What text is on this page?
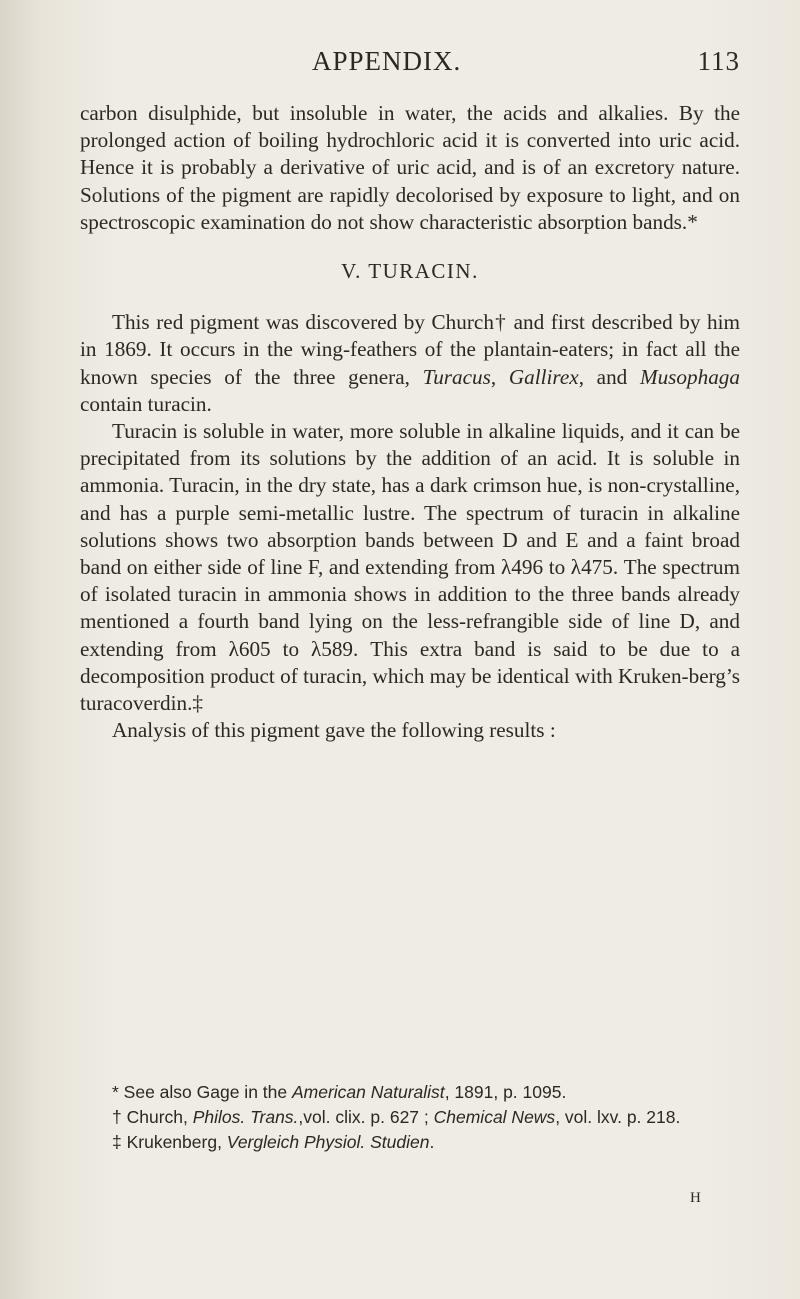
APPENDIX.	113

carbon disulphide, but insoluble in water, the acids and alkalies. By the prolonged action of boiling hydrochloric acid it is converted into uric acid. Hence it is probably a derivative of uric acid, and is of an excretory nature. Solutions of the pigment are rapidly decolorised by exposure to light, and on spectroscopic examination do not show characteristic absorption bands.*

V. TURACIN.

This red pigment was discovered by Church† and first described by him in 1869. It occurs in the wing-feathers of the plantain-eaters; in fact all the known species of the three genera, Turacus, Gallirex, and Musophaga contain turacin.

Turacin is soluble in water, more soluble in alkaline liquids, and it can be precipitated from its solutions by the addition of an acid. It is soluble in ammonia. Turacin, in the dry state, has a dark crimson hue, is non-crystalline, and has a purple semi-metallic lustre. The spectrum of turacin in alkaline solutions shows two absorption bands between D and E and a faint broad band on either side of line F, and extending from λ496 to λ475. The spectrum of isolated turacin in ammonia shows in addition to the three bands already mentioned a fourth band lying on the less-refrangible side of line D, and extending from λ605 to λ589. This extra band is said to be due to a decomposition product of turacin, which may be identical with Kruken-berg’s turacoverdin.‡

Analysis of this pigment gave the following results :

* See also Gage in the American Naturalist, 1891, p. 1095.

† Church, Philos. Trans.,vol. clix. p. 627 ; Chemical News, vol. lxv. p. 218.

‡ Krukenberg, Vergleich Physiol. Studien.

H
